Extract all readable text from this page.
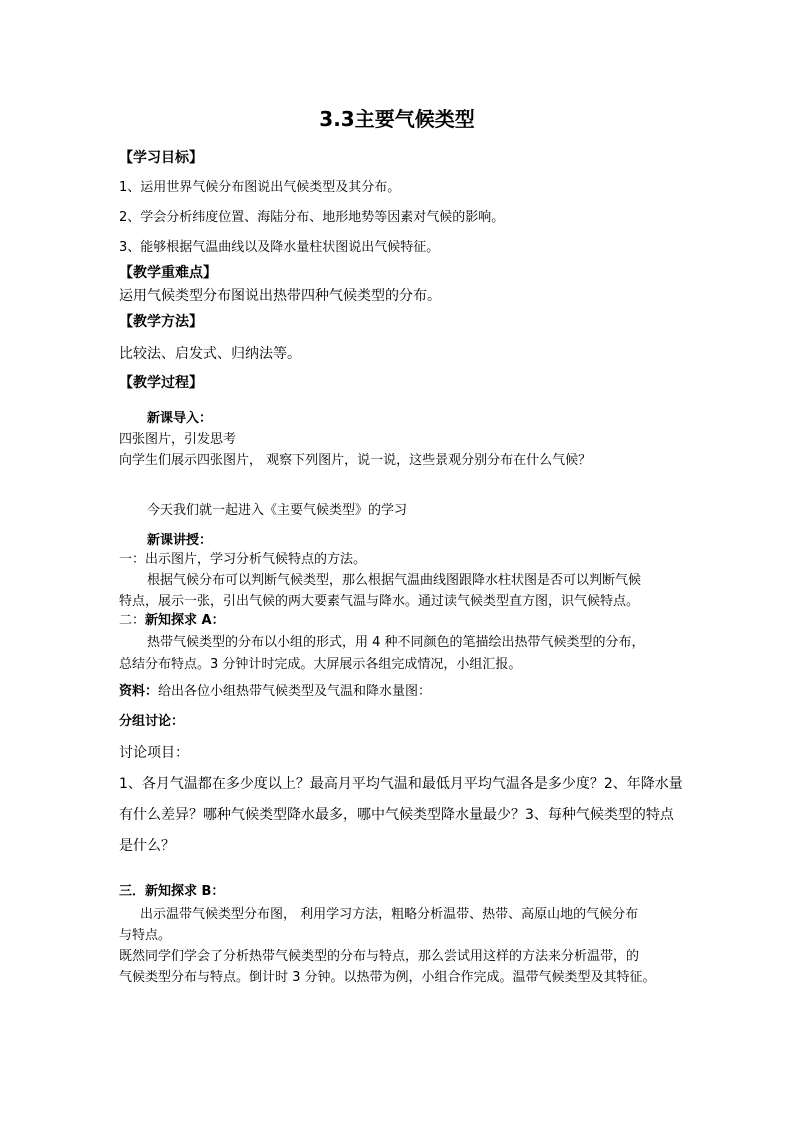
3.3主要气候类型
【学习目标】
1、运用世界气候分布图说出气候类型及其分布。
2、学会分析纬度位置、海陆分布、地形地势等因素对气候的影响。
3、能够根据气温曲线以及降水量柱状图说出气候特征。
【教学重难点】
运用气候类型分布图说出热带四种气候类型的分布。
【教学方法】
比较法、启发式、归纳法等。
【教学过程】
新课导入：
四张图片，引发思考
向学生们展示四张图片， 观察下列图片，说一说，这些景观分别分布在什么气候？
今天我们就一起进入《主要气候类型》的学习
新课讲授：
一：出示图片，学习分析气候特点的方法。
根据气候分布可以判断气候类型，那么根据气温曲线图跟降水柱状图是否可以判断气候
特点，展示一张，引出气候的两大要素气温与降水。通过读气候类型直方图，识气候特点。
二：新知探求 A：
热带气候类型的分布以小组的形式，用 4 种不同颜色的笔描绘出热带气候类型的分布，
总结分布特点。3 分钟计时完成。大屏展示各组完成情况，小组汇报。
资料：给出各位小组热带气候类型及气温和降水量图：
分组讨论：
讨论项目：
1、各月气温都在多少度以上？最高月平均气温和最低月平均气温各是多少度？2、年降水量
有什么差异？哪种气候类型降水最多，哪中气候类型降水量最少？3、每种气候类型的特点
是什么？
三．新知探求 B：
出示温带气候类型分布图， 利用学习方法，粗略分析温带、热带、高原山地的气候分布
与特点。
既然同学们学会了分析热带气候类型的分布与特点，那么尝试用这样的方法来分析温带，的
气候类型分布与特点。倒计时 3 分钟。以热带为例，小组合作完成。温带气候类型及其特征。
